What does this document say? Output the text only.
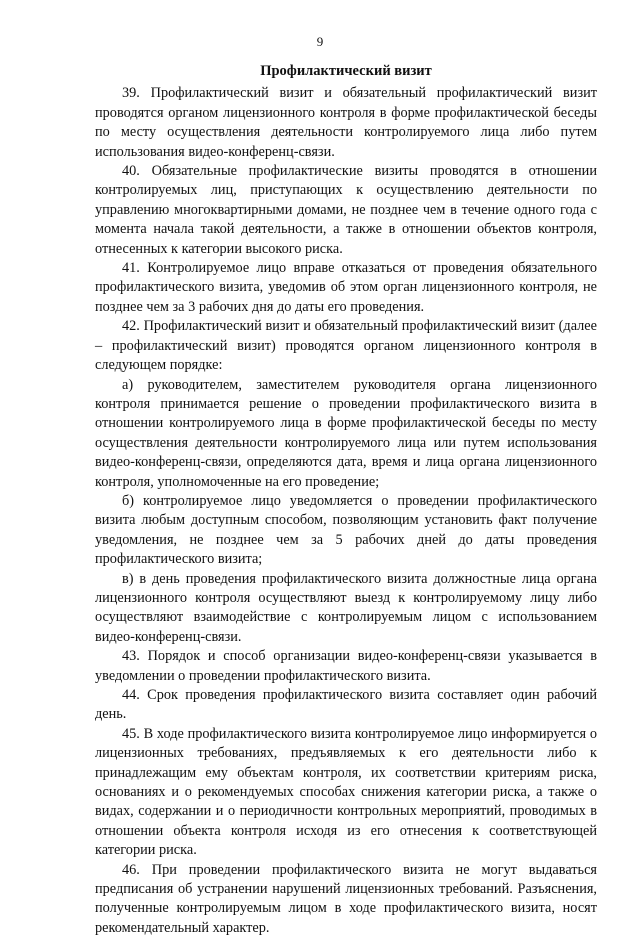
9

Профилактический визит

39. Профилактический визит и обязательный профилактический визит проводятся органом лицензионного контроля в форме профилактической беседы по месту осуществления деятельности контролируемого лица либо путем использования видео-конференц-связи.

40. Обязательные профилактические визиты проводятся в отношении контролируемых лиц, приступающих к осуществлению деятельности по управлению многоквартирными домами, не позднее чем в течение одного года с момента начала такой деятельности, а также в отношении объектов контроля, отнесенных к категории высокого риска.

41. Контролируемое лицо вправе отказаться от проведения обязательного профилактического визита, уведомив об этом орган лицензионного контроля, не позднее чем за 3 рабочих дня до даты его проведения.

42. Профилактический визит и обязательный профилактический визит (далее – профилактический визит) проводятся органом лицензионного контроля в следующем порядке:

а) руководителем, заместителем руководителя органа лицензионного контроля принимается решение о проведении профилактического визита в отношении контролируемого лица в форме профилактической беседы по месту осуществления деятельности контролируемого лица или путем использования видео-конференц-связи, определяются дата, время и лица органа лицензионного контроля, уполномоченные на его проведение;

б) контролируемое лицо уведомляется о проведении профилактического визита любым доступным способом, позволяющим установить факт получение уведомления, не позднее чем за 5 рабочих дней до даты проведения профилактического визита;

в) в день проведения профилактического визита должностные лица органа лицензионного контроля осуществляют выезд к контролируемому лицу либо осуществляют взаимодействие с контролируемым лицом с использованием видео-конференц-связи.

43. Порядок и способ организации видео-конференц-связи указывается в уведомлении о проведении профилактического визита.

44. Срок проведения профилактического визита составляет один рабочий день.

45. В ходе профилактического визита контролируемое лицо информируется о лицензионных требованиях, предъявляемых к его деятельности либо к принадлежащим ему объектам контроля, их соответствии критериям риска, основаниях и о рекомендуемых способах снижения категории риска, а также о видах, содержании и о периодичности контрольных мероприятий, проводимых в отношении объекта контроля исходя из его отнесения к соответствующей категории риска.

46. При проведении профилактического визита не могут выдаваться предписания об устранении нарушений лицензионных требований. Разъяснения, полученные контролируемым лицом в ходе профилактического визита, носят рекомендательный характер.
